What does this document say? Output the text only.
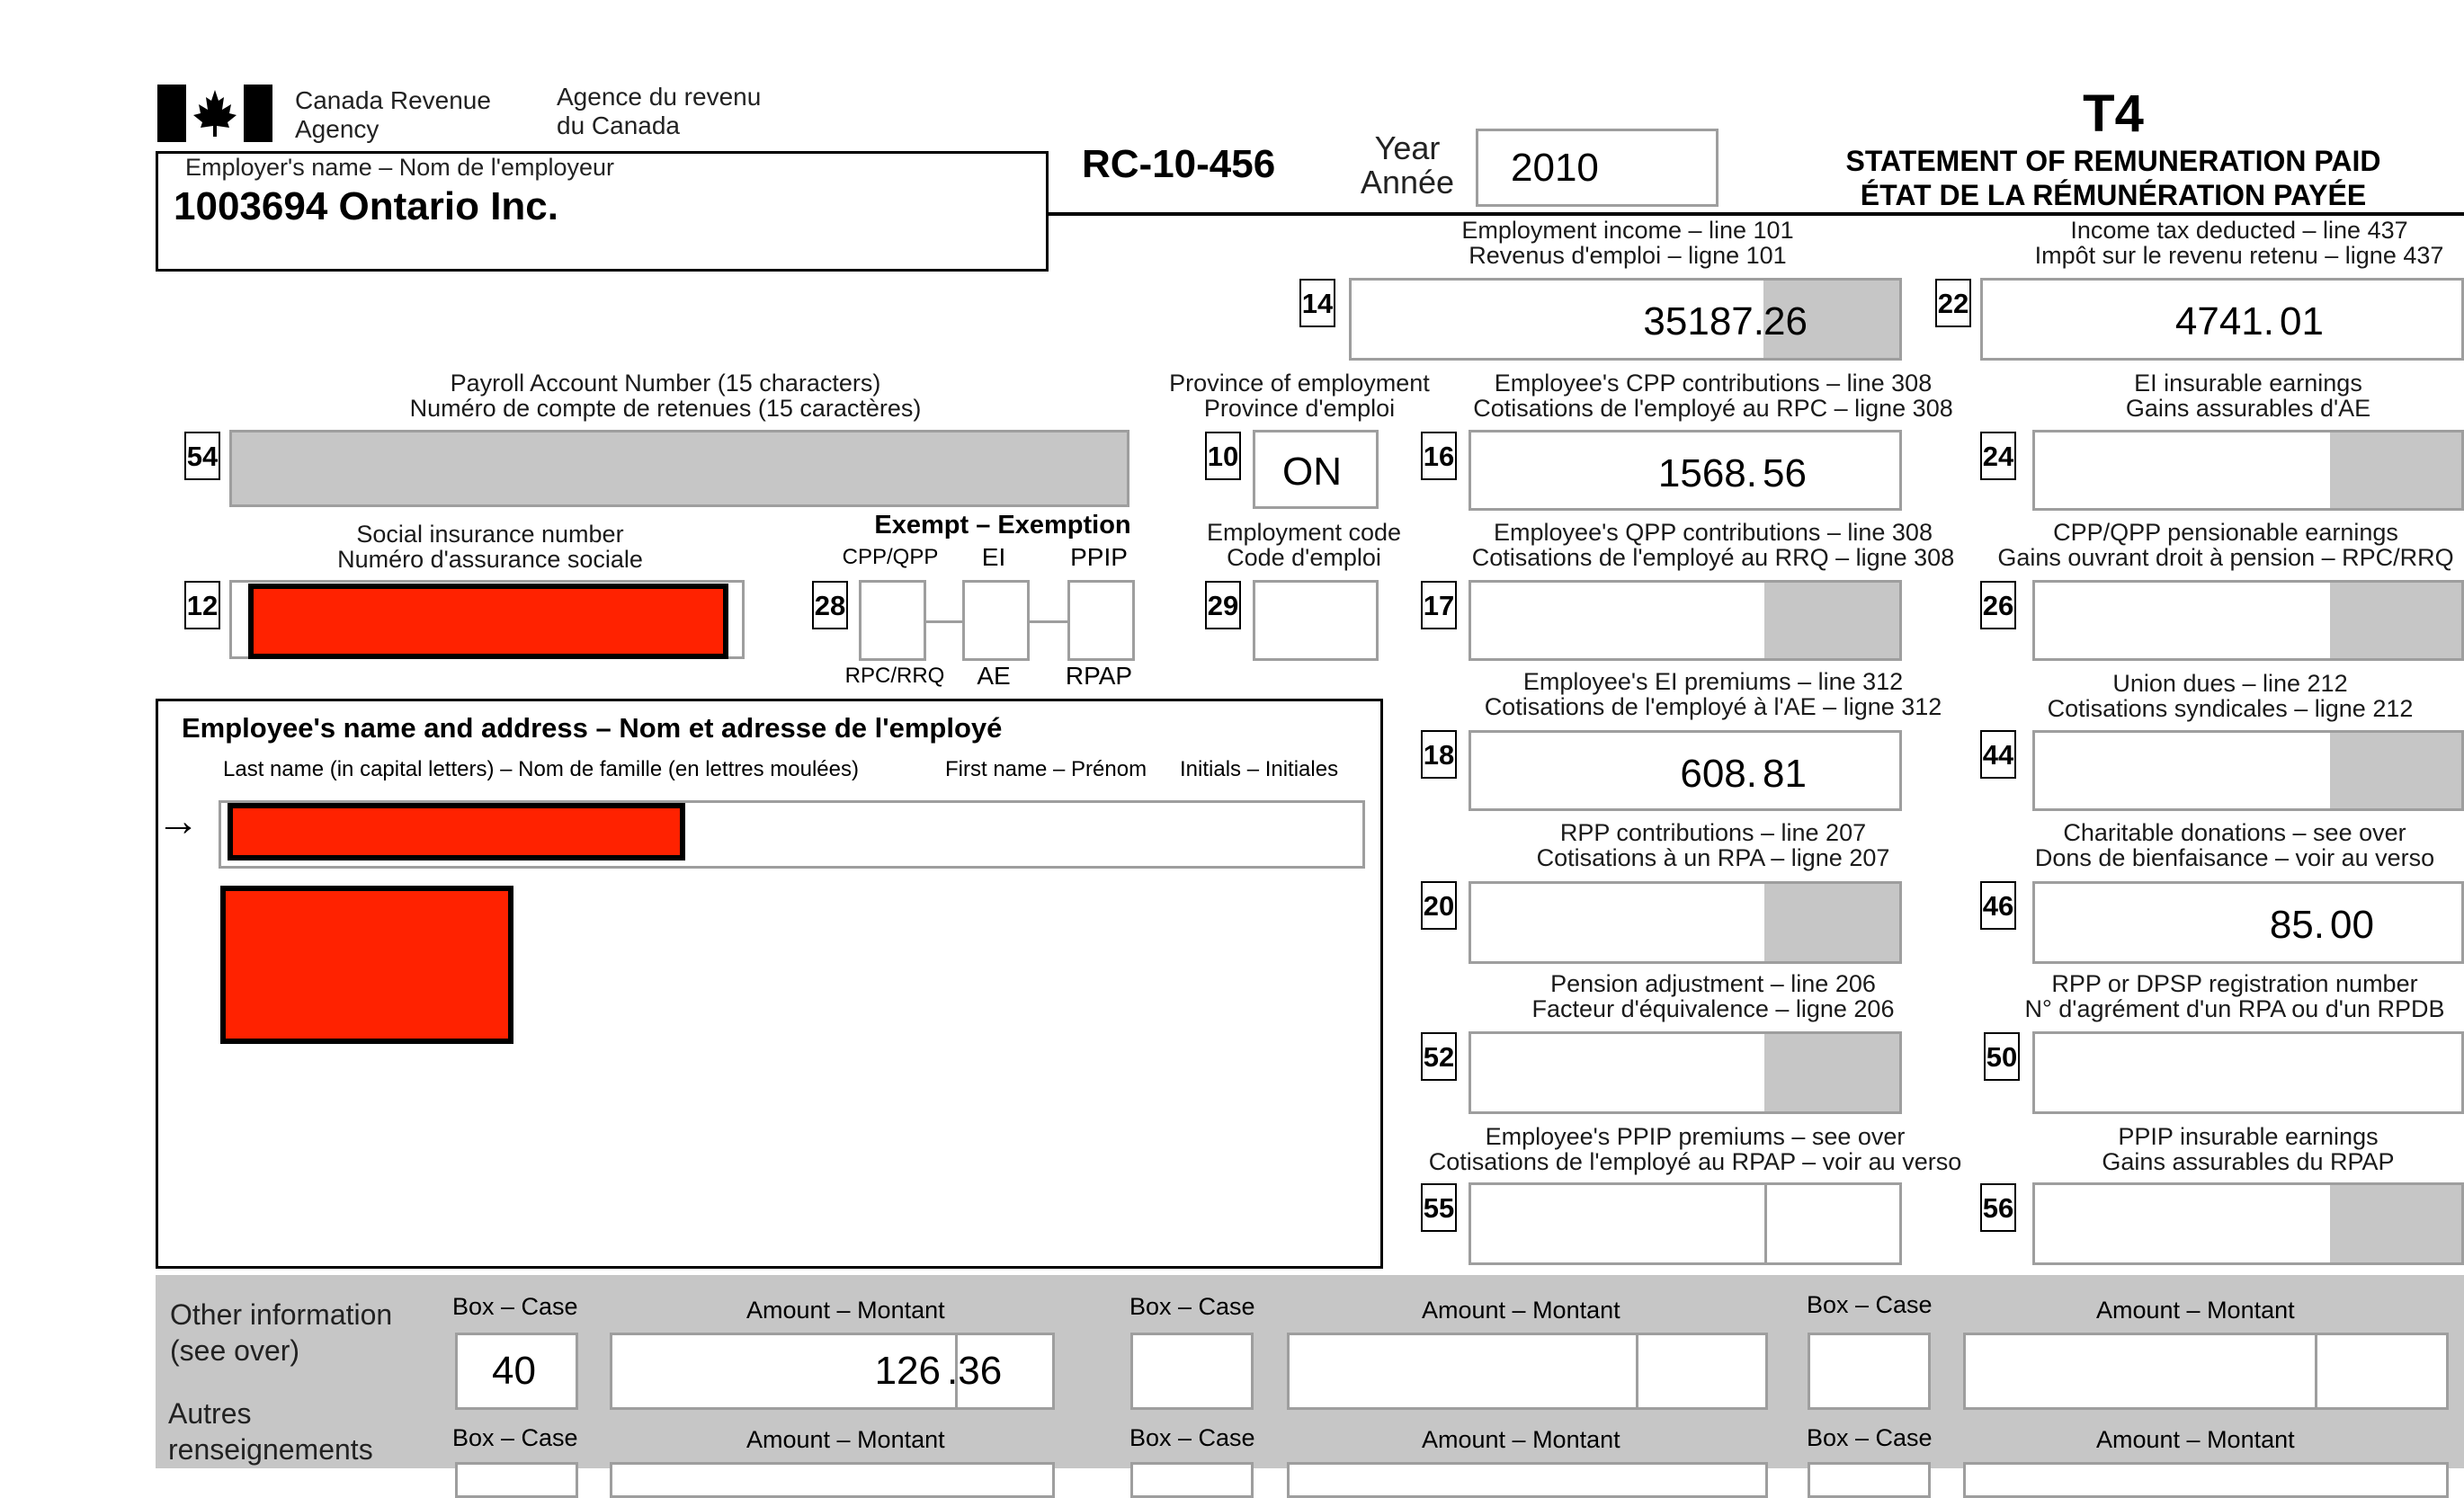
Canada Revenue
Agency
Agence du revenu
du Canada
Employer's name – Nom de l'employeur
1003694 Ontario Inc.
RC-10-456	Year
Année 2010
T4
STATEMENT OF REMUNERATION PAID
ÉTAT DE LA RÉMUNÉRATION PAYÉE
Payroll Account Number (15 characters)
Numéro de compte de retenues (15 caractères)
54
Social insurance number
Numéro d'assurance sociale
12
Exempt – Exemption
CPP/QPP	EI	PPIP
28
RPC/RRQ	AE	RPAP
Province of employment
Province d'emploi
10 ON
Employment code
Code d'emploi
29
Employee's name and address – Nom et adresse de l'employé
Last name (in capital letters) – Nom de famille (en lettres moulées)	First name – Prénom Initials – Initiales
→
Employment income – line 101
Revenus d'emploi – ligne 101
14	35187. 26
Income tax deducted – line 437
Impôt sur le revenu retenu – ligne 437
22	4741. 01
Employee's CPP contributions – line 308
Cotisations de l'employé au RPC – ligne 308
16	1568. 56
EI insurable earnings
Gains assurables d'AE
24
Employee's QPP contributions – line 308
Cotisations de l'employé au RRQ – ligne 308
17
CPP/QPP pensionable earnings
Gains ouvrant droit à pension – RPC/RRQ
26
Employee's EI premiums – line 312
Cotisations de l'employé à l'AE – ligne 312
18	608. 81
Union dues – line 212
Cotisations syndicales – ligne 212
44
RPP contributions – line 207
Cotisations à un RPA – ligne 207
20
Charitable donations – see over
Dons de bienfaisance – voir au verso
46	85. 00
Pension adjustment – line 206
Facteur d'équivalence – ligne 206
52
RPP or DPSP registration number
N° d'agrément d'un RPA ou d'un RPDB
50
Employee's PPIP premiums – see over
Cotisations de l'employé au RPAP – voir au verso
55
PPIP insurable earnings
Gains assurables du RPAP
56
Other information
(see over)
Autres
renseignements
Box – Case	Amount – Montant	Box – Case	Amount – Montant	Box – Case	Amount – Montant
40	126 .36
Box – Case	Amount – Montant	Box – Case	Amount – Montant	Box – Case	Amount – Montant
